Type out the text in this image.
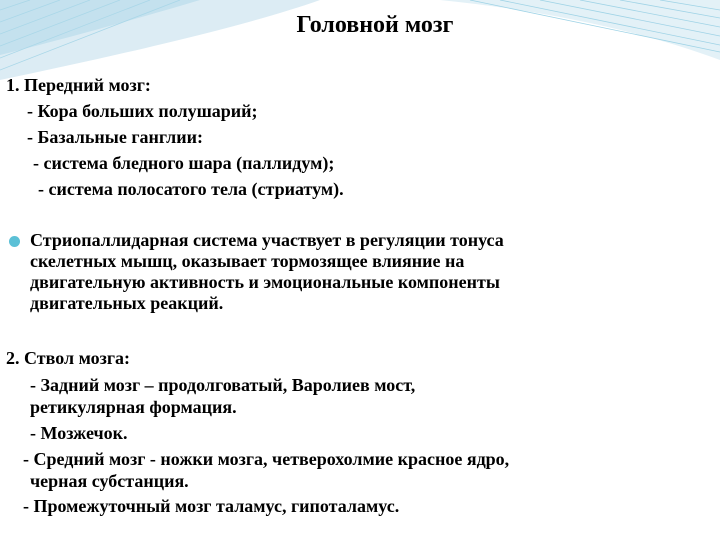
Головной мозг
1. Передний мозг:
- Кора больших полушарий;
- Базальные ганглии:
- система бледного шара (паллидум);
- система полосатого тела (стриатум).
Стриопаллидарная система участвует в регуляции тонуса
скелетных мышц, оказывает тормозящее влияние на
двигательную активность и эмоциональные компоненты
двигательных реакций.
2. Ствол мозга:
- Задний мозг – продолговатый, Варолиев мост,
ретикулярная формация.
- Мозжечок.
- Средний мозг - ножки мозга, четверохолмие красное ядро,
черная субстанция.
- Промежуточный мозг таламус, гипоталамус.
